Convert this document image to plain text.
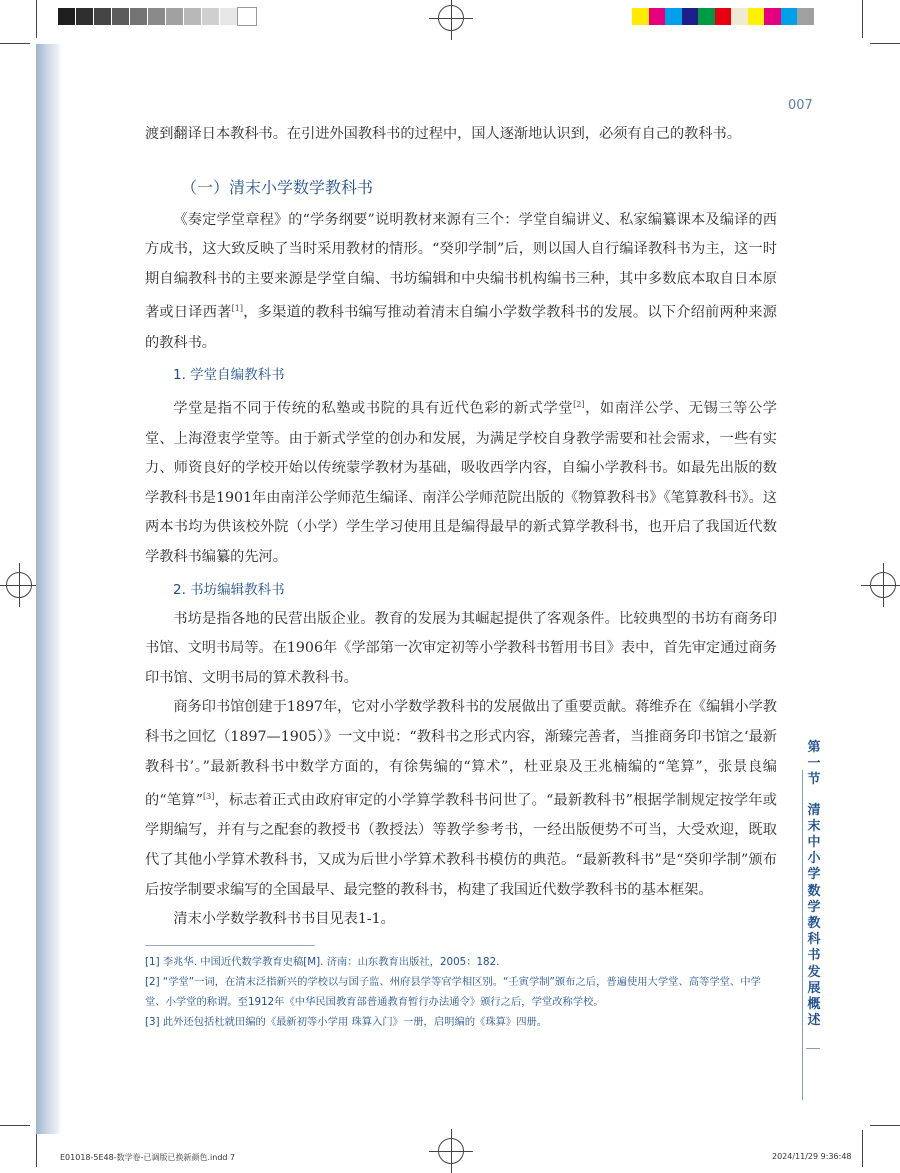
007

渡到翻译日本教科书。在引进外国教科书的过程中，国人逐渐地认识到，必须有自己的教科书。

（一）清末小学数学教科书

《奏定学堂章程》的“学务纲要”说明教材来源有三个：学堂自编讲义、私家编纂课本及编译的西方成书，这大致反映了当时采用教材的情形。“癸卯学制”后，则以国人自行编译教科书为主，这一时期自编教科书的主要来源是学堂自编、书坊编辑和中央编书机构编书三种，其中多数底本取自日本原著或日译西著[1]，多渠道的教科书编写推动着清末自编小学数学教科书的发展。以下介绍前两种来源的教科书。

1. 学堂自编教科书

学堂是指不同于传统的私塾或书院的具有近代色彩的新式学堂[2]，如南洋公学、无锡三等公学堂、上海澄衷学堂等。由于新式学堂的创办和发展，为满足学校自身教学需要和社会需求，一些有实力、师资良好的学校开始以传统蒙学教材为基础，吸收西学内容，自编小学教科书。如最先出版的数学教科书是1901年由南洋公学师范生编译、南洋公学师范院出版的《物算教科书》《笔算教科书》。这两本书均为供该校外院（小学）学生学习使用且是编得最早的新式算学教科书，也开启了我国近代数学教科书编纂的先河。

2. 书坊编辑教科书

书坊是指各地的民营出版企业。教育的发展为其崛起提供了客观条件。比较典型的书坊有商务印书馆、文明书局等。在1906年《学部第一次审定初等小学教科书暂用书目》表中，首先审定通过商务印书馆、文明书局的算术教科书。

商务印书馆创建于1897年，它对小学数学教科书的发展做出了重要贡献。蒋维乔在《编辑小学教科书之回忆（1897—1905）》一文中说：“教科书之形式内容，渐臻完善者，当推商务印书馆之‘最新教科书’。”最新教科书中数学方面的，有徐隽编的“算术”，杜亚泉及王兆楠编的“笔算”，张景良编的“笔算”[3]，标志着正式由政府审定的小学算学教科书问世了。“最新教科书”根据学制规定按学年或学期编写，并有与之配套的教授书（教授法）等教学参考书，一经出版便势不可当，大受欢迎，既取代了其他小学算术教科书，又成为后世小学算术教科书模仿的典范。“最新教科书”是“癸卯学制”颁布后按学制要求编写的全国最早、最完整的教科书，构建了我国近代数学教科书的基本框架。

清末小学数学教科书书目见表1-1。

[1] 李兆华. 中国近代数学教育史稿[M]. 济南：山东教育出版社，2005：182.

[2] “学堂”一词，在清末泛指新兴的学校以与国子监、州府县学等官学相区别。“壬寅学制”颁布之后，普遍使用大学堂、高等学堂、中学堂、小学堂的称谓。至1912年《中华民国教育部普通教育暂行办法通令》颁行之后，学堂改称学校。

[3] 此外还包括杜就田编的《最新初等小学用 珠算入门》一册，启明编的《珠算》四册。

第一节
清末中小学数学教科书发展概述
E01018-5E48-数学卷-已调版已换新颜色.indd 7	2024/11/29 9:36:48
